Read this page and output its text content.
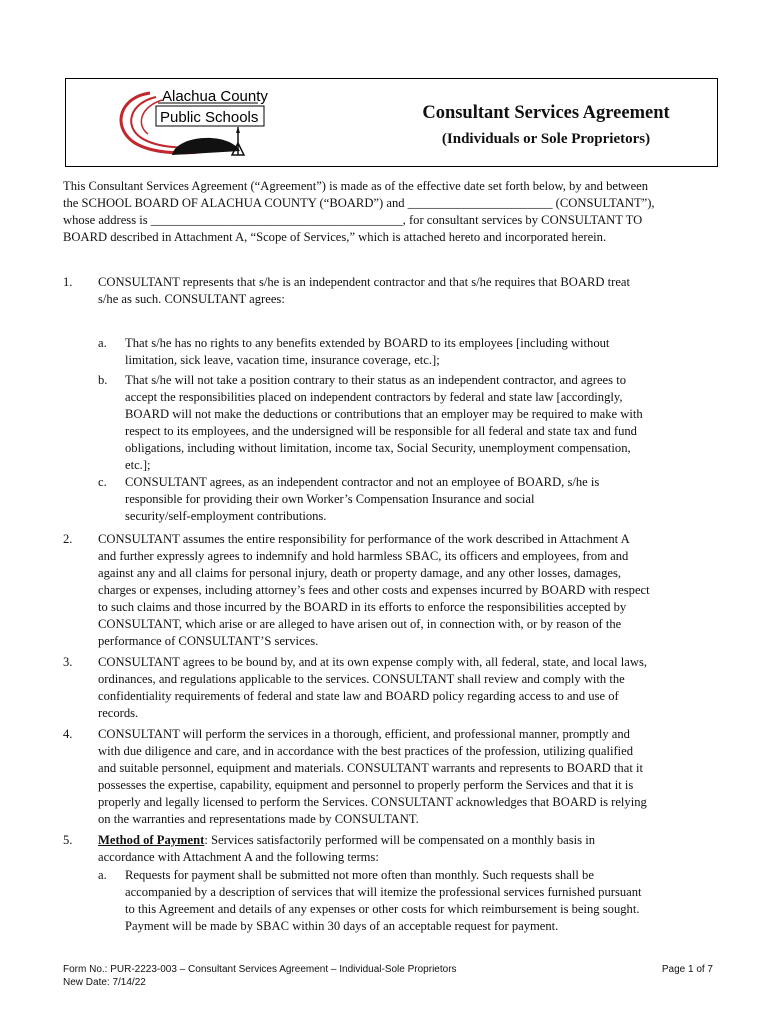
Alachua County
Public Schools	Consultant Services Agreement
(Individuals or Sole Proprietors)

This Consultant Services Agreement (“Agreement”) is made as of the effective date set forth below, by and between

the SCHOOL BOARD OF ALACHUA COUNTY (“BOARD”) and _______________________ (CONSULTANT”),

whose address is ________________________________________, for consultant services by CONSULTANT TO

BOARD described in Attachment A, “Scope of Services,” which is attached hereto and incorporated herein.

1. CONSULTANT represents that s/he is an independent contractor and that s/he requires that BOARD treat
s/he as such. CONSULTANT agrees:
a. That s/he has no rights to any benefits extended by BOARD to its employees [including without
limitation, sick leave, vacation time, insurance coverage, etc.];
b. That s/he will not take a position contrary to their status as an independent contractor, and agrees to
accept the responsibilities placed on independent contractors by federal and state law [accordingly,
BOARD will not make the deductions or contributions that an employer may be required to make with
respect to its employees, and the undersigned will be responsible for all federal and state tax and fund
obligations, including without limitation, income tax, Social Security, unemployment compensation,
etc.];
c. CONSULTANT agrees, as an independent contractor and not an employee of BOARD, s/he is
responsible for providing their own Worker’s Compensation Insurance and social
security/self-employment contributions.
2. CONSULTANT assumes the entire responsibility for performance of the work described in Attachment A
and further expressly agrees to indemnify and hold harmless SBAC, its officers and employees, from and
against any and all claims for personal injury, death or property damage, and any other losses, damages,
charges or expenses, including attorney’s fees and other costs and expenses incurred by BOARD with respect
to such claims and those incurred by the BOARD in its efforts to enforce the responsibilities accepted by
CONSULTANT, which arise or are alleged to have arisen out of, in connection with, or by reason of the
performance of CONSULTANT’S services.
3. CONSULTANT agrees to be bound by, and at its own expense comply with, all federal, state, and local laws,
ordinances, and regulations applicable to the services. CONSULTANT shall review and comply with the
confidentiality requirements of federal and state law and BOARD policy regarding access to and use of
records.
4. CONSULTANT will perform the services in a thorough, efficient, and professional manner, promptly and
with due diligence and care, and in accordance with the best practices of the profession, utilizing qualified
and suitable personnel, equipment and materials. CONSULTANT warrants and represents to BOARD that it
possesses the expertise, capability, equipment and personnel to properly perform the Services and that it is
properly and legally licensed to perform the Services. CONSULTANT acknowledges that BOARD is relying
on the warranties and representations made by CONSULTANT.
5. Method of Payment: Services satisfactorily performed will be compensated on a monthly basis in
accordance with Attachment A and the following terms:
a. Requests for payment shall be submitted not more often than monthly. Such requests shall be
accompanied by a description of services that will itemize the professional services furnished pursuant
to this Agreement and details of any expenses or other costs for which reimbursement is being sought.
Payment will be made by SBAC within 30 days of an acceptable request for payment.
Form No.: PUR-2223-003 – Consultant Services Agreement – Individual-Sole Proprietors
New Date: 7/14/22
Page 1 of 7
